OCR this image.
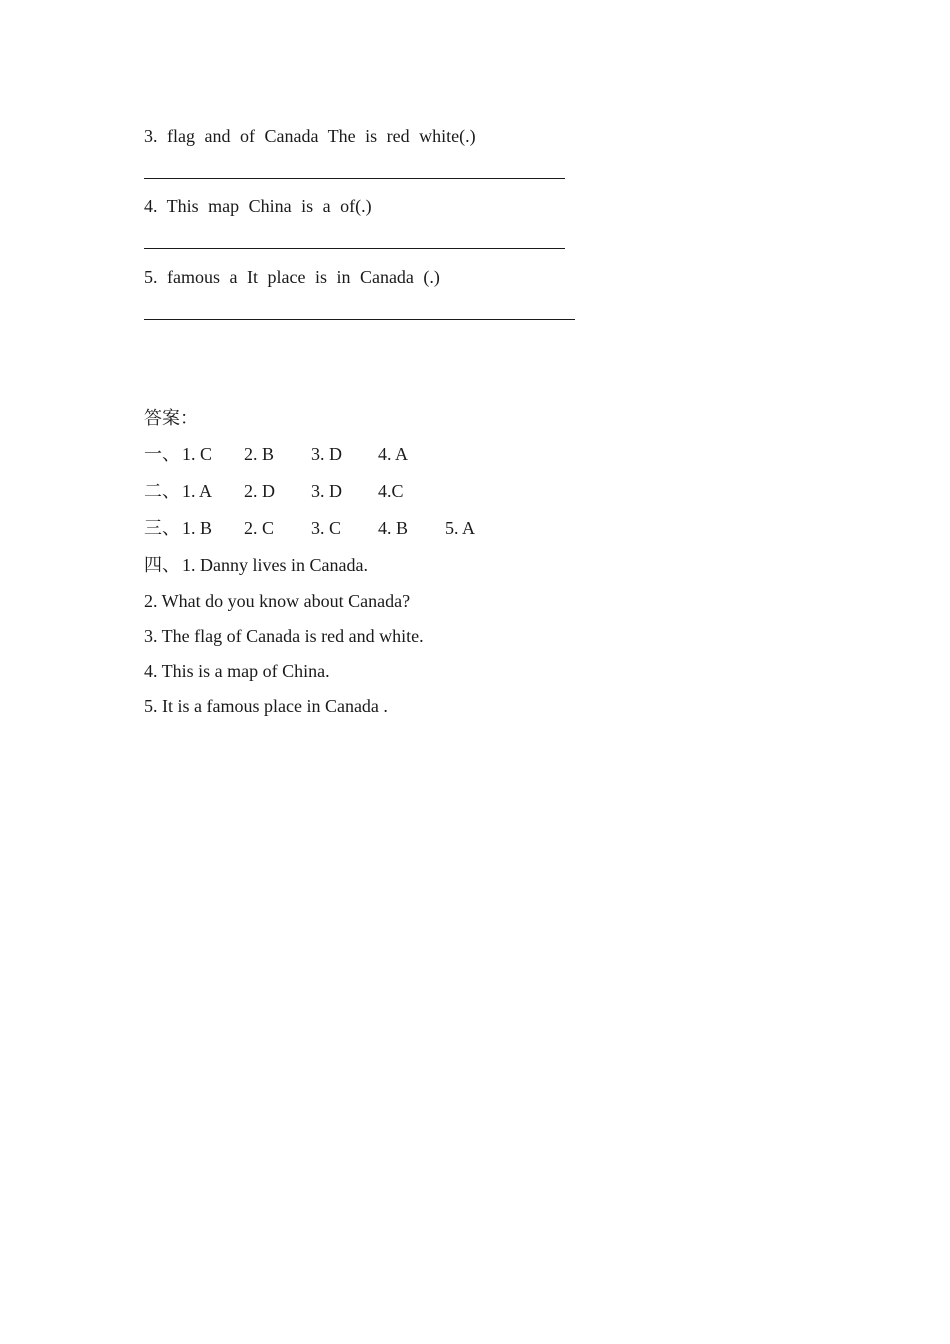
3. flag and of Canada The is red white(.)
4. This map China is a of(.)
5. famous a It place is in Canada (.)
答案：
一、 1. C 2. B 3. D 4. A
二、 1. A 2. D 3. D 4.C
三、 1. B 2. C 3. C 4. B 5. A
四、 1. Danny lives in Canada.
2. What do you know about Canada?
3. The flag of Canada is red and white.
4. This is a map of China.
5. It is a famous place in Canada .
